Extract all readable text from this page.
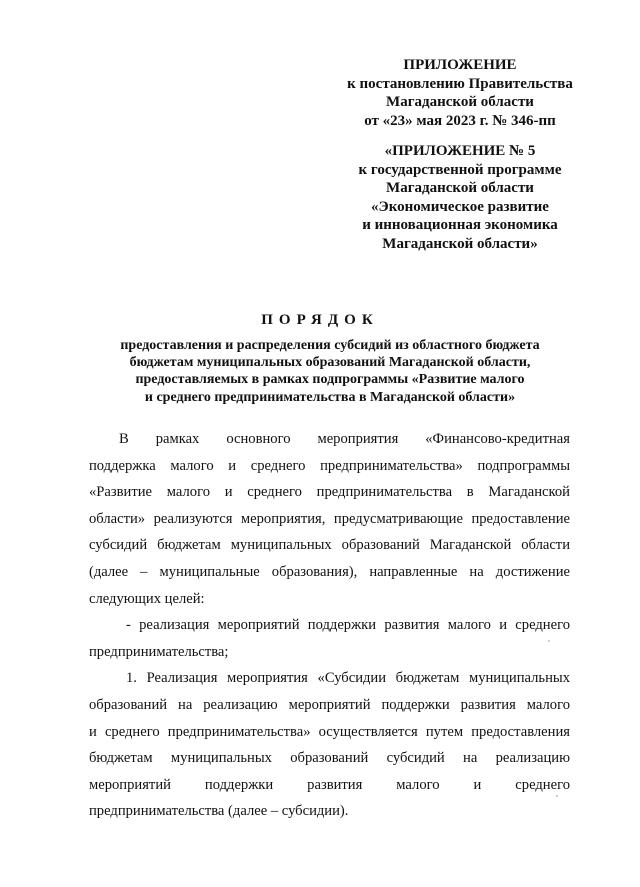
ПРИЛОЖЕНИЕ
к постановлению Правительства
Магаданской области
от «23» мая 2023 г. № 346-пп
«ПРИЛОЖЕНИЕ № 5
к государственной программе
Магаданской области
«Экономическое развитие
и инновационная экономика
Магаданской области»
ПОРЯДОК
предоставления и распределения субсидий из областного бюджета
бюджетам муниципальных образований Магаданской области,
предоставляемых в рамках подпрограммы «Развитие малого
и среднего предпринимательства в Магаданской области»
В рамках основного мероприятия «Финансово-кредитная
поддержка малого и среднего предпринимательства» подпрограммы
«Развитие малого и среднего предпринимательства в Магаданской
области» реализуются мероприятия, предусматривающие предоставление
субсидий бюджетам муниципальных образований Магаданской области
(далее – муниципальные образования), направленные на достижение
следующих целей:
- реализация мероприятий поддержки развития малого и среднего
предпринимательства;
1. Реализация мероприятия «Субсидии бюджетам муниципальных
образований на реализацию мероприятий поддержки развития малого
и среднего предпринимательства» осуществляется путем предоставления
бюджетам муниципальных образований субсидий на реализацию
мероприятий поддержки развития малого и среднего
предпринимательства (далее – субсидии).
